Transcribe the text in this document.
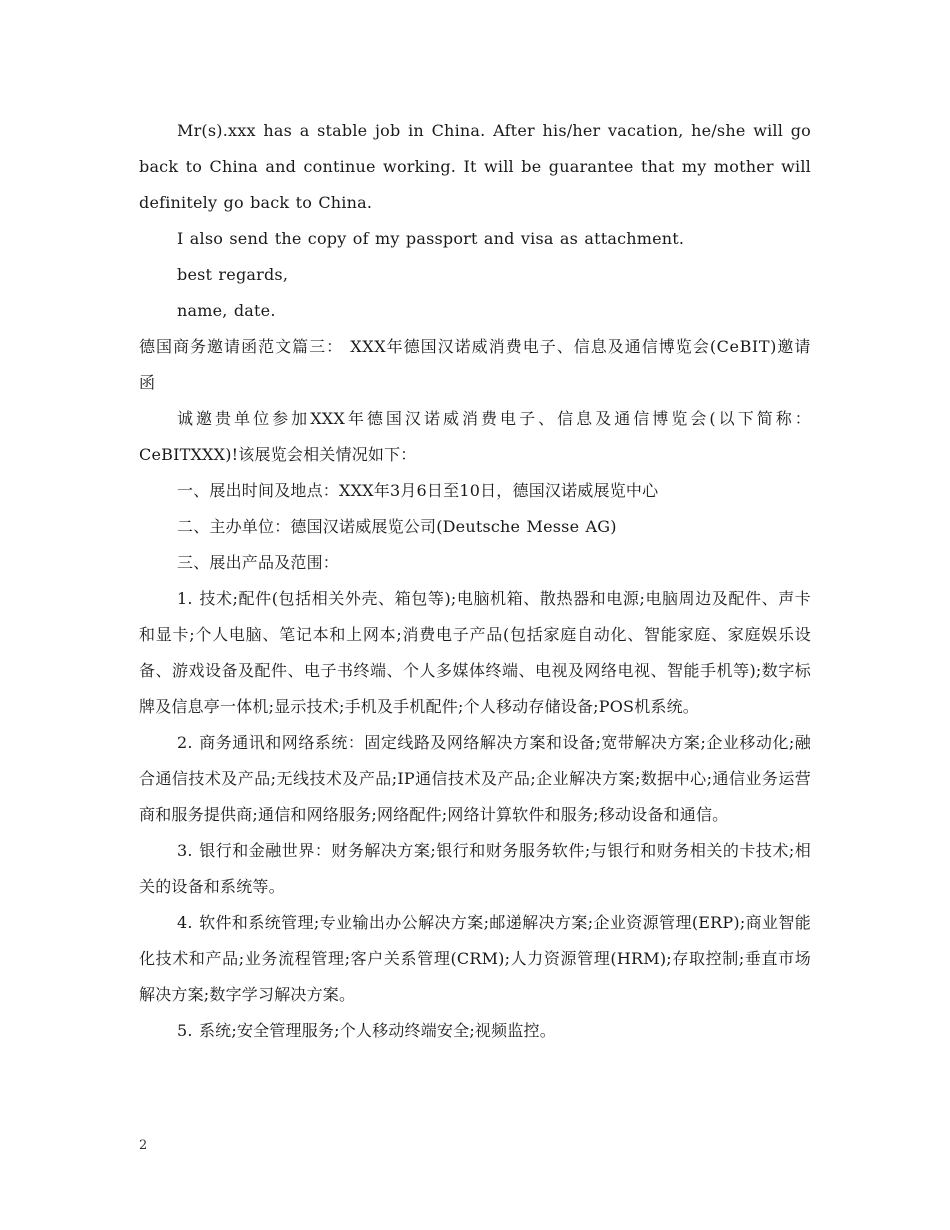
Mr(s).xxx has a stable job in China. After his/her vacation, he/she will go back to China and continue working. It will be guarantee that my mother will definitely go back to China.

I also send the copy of my passport and visa as attachment.

best regards,

name, date.

德国商务邀请函范文篇三： XXX年德国汉诺威消费电子、信息及通信博览会(CeBIT)邀请函

诚邀贵单位参加XXX年德国汉诺威消费电子、信息及通信博览会(以下简称：CeBITXXX)!该展览会相关情况如下：

一、展出时间及地点：XXX年3月6日至10日，德国汉诺威展览中心

二、主办单位：德国汉诺威展览公司(Deutsche Messe AG)

三、展出产品及范围：

1. 技术;配件(包括相关外壳、箱包等);电脑机箱、散热器和电源;电脑周边及配件、声卡和显卡;个人电脑、笔记本和上网本;消费电子产品(包括家庭自动化、智能家庭、家庭娱乐设备、游戏设备及配件、电子书终端、个人多媒体终端、电视及网络电视、智能手机等);数字标牌及信息亭一体机;显示技术;手机及手机配件;个人移动存储设备;POS机系统。

2. 商务通讯和网络系统：固定线路及网络解决方案和设备;宽带解决方案;企业移动化;融合通信技术及产品;无线技术及产品;IP通信技术及产品;企业解决方案;数据中心;通信业务运营商和服务提供商;通信和网络服务;网络配件;网络计算软件和服务;移动设备和通信。

3. 银行和金融世界：财务解决方案;银行和财务服务软件;与银行和财务相关的卡技术;相关的设备和系统等。

4. 软件和系统管理;专业输出办公解决方案;邮递解决方案;企业资源管理(ERP);商业智能化技术和产品;业务流程管理;客户关系管理(CRM);人力资源管理(HRM);存取控制;垂直市场解决方案;数字学习解决方案。

5. 系统;安全管理服务;个人移动终端安全;视频监控。

2
